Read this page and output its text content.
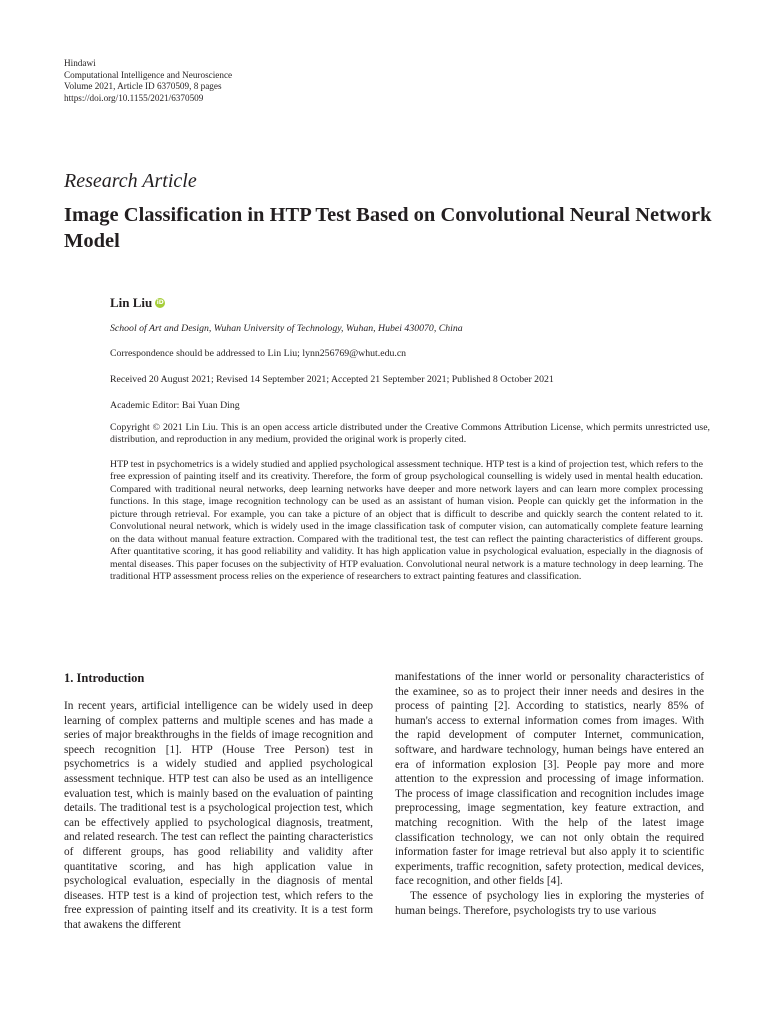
Hindawi
Computational Intelligence and Neuroscience
Volume 2021, Article ID 6370509, 8 pages
https://doi.org/10.1155/2021/6370509
Research Article
Image Classification in HTP Test Based on Convolutional Neural Network Model
Lin Liu iD
School of Art and Design, Wuhan University of Technology, Wuhan, Hubei 430070, China
Correspondence should be addressed to Lin Liu; lynn256769@whut.edu.cn
Received 20 August 2021; Revised 14 September 2021; Accepted 21 September 2021; Published 8 October 2021
Academic Editor: Bai Yuan Ding
Copyright © 2021 Lin Liu. This is an open access article distributed under the Creative Commons Attribution License, which permits unrestricted use, distribution, and reproduction in any medium, provided the original work is properly cited.

HTP test in psychometrics is a widely studied and applied psychological assessment technique. HTP test is a kind of projection test, which refers to the free expression of painting itself and its creativity. Therefore, the form of group psychological counselling is widely used in mental health education. Compared with traditional neural networks, deep learning networks have deeper and more network layers and can learn more complex processing functions. In this stage, image recognition technology can be used as an assistant of human vision. People can quickly get the information in the picture through retrieval. For example, you can take a picture of an object that is difficult to describe and quickly search the content related to it. Convolutional neural network, which is widely used in the image classification task of computer vision, can automatically complete feature learning on the data without manual feature extraction. Compared with the traditional test, the test can reflect the painting characteristics of different groups. After quantitative scoring, it has good reliability and validity. It has high application value in psychological evaluation, especially in the diagnosis of mental diseases. This paper focuses on the subjectivity of HTP evaluation. Convolutional neural network is a mature technology in deep learning. The traditional HTP assessment process relies on the experience of researchers to extract painting features and classification.

1. Introduction

In recent years, artificial intelligence can be widely used in deep learning of complex patterns and multiple scenes and has made a series of major breakthroughs in the fields of image recognition and speech recognition [1]. HTP (House Tree Person) test in psychometrics is a widely studied and applied psychological assessment technique. HTP test can also be used as an intelligence evaluation test, which is mainly based on the evaluation of painting details. The traditional test is a psychological projection test, which can be effectively applied to psychological diagnosis, treatment, and related research. The test can reflect the painting characteristics of different groups, has good reliability and validity after quantitative scoring, and has high application value in psychological evaluation, especially in the diagnosis of mental diseases. HTP test is a kind of projection test, which refers to the free expression of painting itself and its creativity. It is a test form that awakens the different

manifestations of the inner world or personality characteristics of the examinee, so as to project their inner needs and desires in the process of painting [2]. According to statistics, nearly 85% of human's access to external information comes from images. With the rapid development of computer Internet, communication, software, and hardware technology, human beings have entered an era of information explosion [3]. People pay more and more attention to the expression and processing of image information. The process of image classification and recognition includes image preprocessing, image segmentation, key feature extraction, and matching recognition. With the help of the latest image classification technology, we can not only obtain the required information faster for image retrieval but also apply it to scientific experiments, traffic recognition, safety protection, medical devices, face recognition, and other fields [4].

The essence of psychology lies in exploring the mysteries of human beings. Therefore, psychologists try to use various
